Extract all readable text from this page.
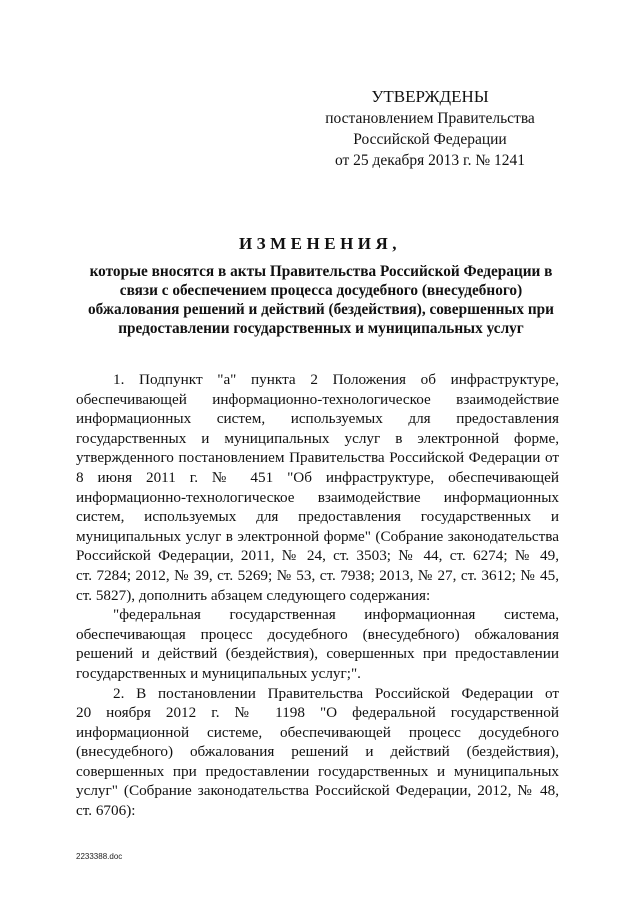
УТВЕРЖДЕНЫ
постановлением Правительства
Российской Федерации
от 25 декабря 2013 г. № 1241
ИЗМЕНЕНИЯ,
которые вносятся в акты Правительства Российской Федерации в
связи с обеспечением процесса досудебного (внесудебного)
обжалования решений и действий (бездействия), совершенных при
предоставлении государственных и муниципальных услуг
1. Подпункт "а" пункта 2 Положения об инфраструктуре,
обеспечивающей информационно-технологическое взаимодействие
информационных систем, используемых для предоставления
государственных и муниципальных услуг в электронной форме,
утвержденного постановлением Правительства Российской Федерации от
8 июня 2011 г. № 451 "Об инфраструктуре, обеспечивающей
информационно-технологическое взаимодействие информационных
систем, используемых для предоставления государственных и
муниципальных услуг в электронной форме" (Собрание законодательства
Российской Федерации, 2011, № 24, ст. 3503; № 44, ст. 6274; № 49,
ст. 7284; 2012, № 39, ст. 5269; № 53, ст. 7938; 2013, № 27, ст. 3612; № 45,
ст. 5827), дополнить абзацем следующего содержания:
"федеральная государственная информационная система,
обеспечивающая процесс досудебного (внесудебного) обжалования
решений и действий (бездействия), совершенных при предоставлении
государственных и муниципальных услуг;".
2. В постановлении Правительства Российской Федерации от
20 ноября 2012 г. № 1198 "О федеральной государственной
информационной системе, обеспечивающей процесс досудебного
(внесудебного) обжалования решений и действий (бездействия),
совершенных при предоставлении государственных и муниципальных
услуг" (Собрание законодательства Российской Федерации, 2012, № 48,
ст. 6706):
2233388.doc
